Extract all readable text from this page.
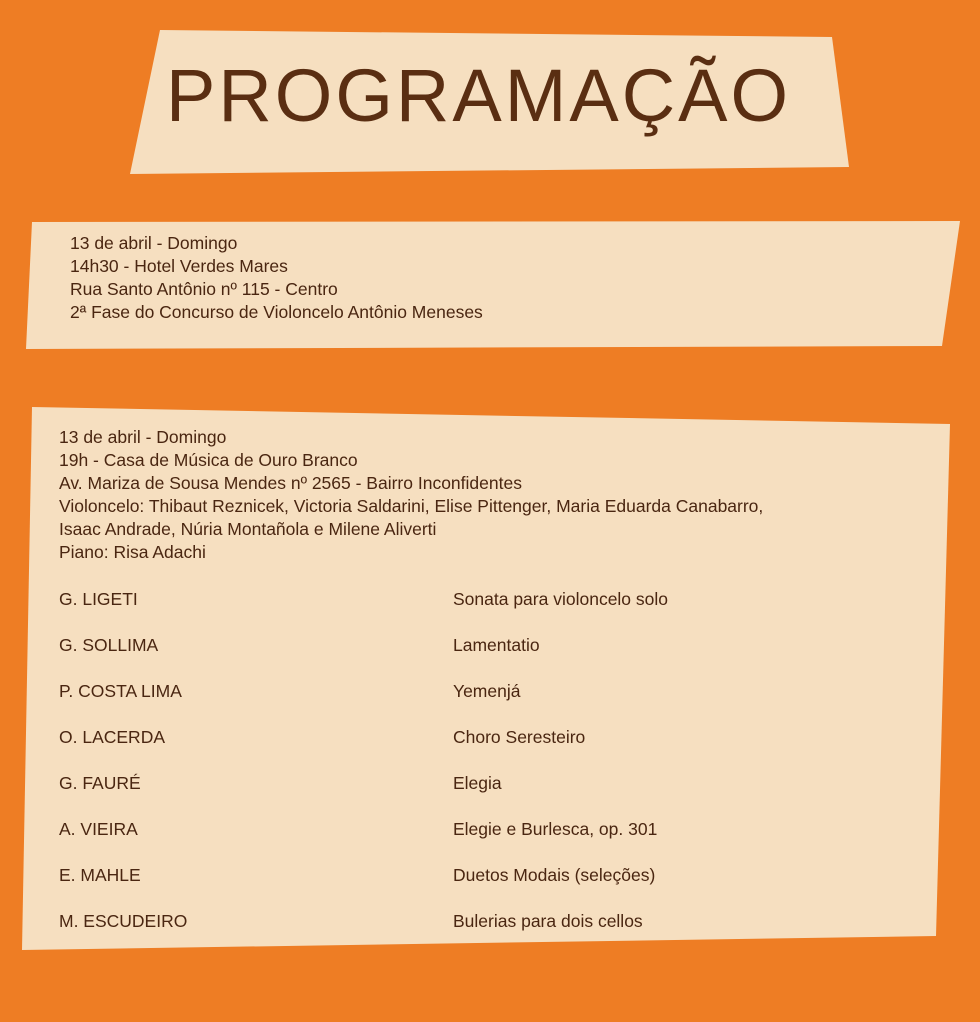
PROGRAMAÇÃO
13 de abril - Domingo
14h30 - Hotel Verdes Mares
Rua Santo Antônio nº 115 - Centro
2ª Fase do Concurso de Violoncelo Antônio Meneses
13 de abril - Domingo
19h - Casa de Música de Ouro Branco
Av. Mariza de Sousa Mendes nº 2565 - Bairro Inconfidentes
Violoncelo: Thibaut Reznicek, Victoria Saldarini, Elise Pittenger, Maria Eduarda Canabarro,
Isaac Andrade, Núria Montañola e Milene Aliverti
Piano: Risa Adachi
G. LIGETI	Sonata para violoncelo solo
G. SOLLIMA	Lamentatio
P. COSTA LIMA	Yemenjá
O. LACERDA	Choro Seresteiro
G. FAURÉ	Elegia
A. VIEIRA	Elegie e Burlesca, op. 301
E. MAHLE	Duetos Modais (seleções)
M. ESCUDEIRO	Bulerias para dois cellos
